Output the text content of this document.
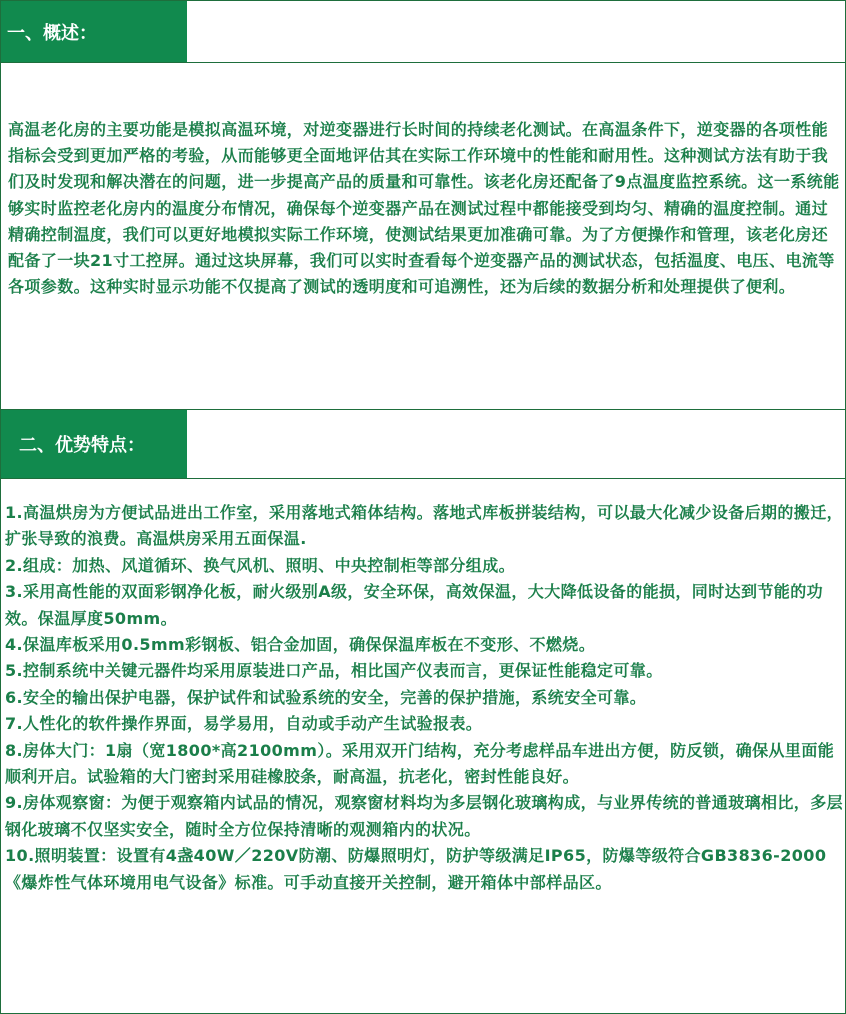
一、概述：

高温老化房的主要功能是模拟高温环境，对逆变器进行长时间的持续老化测试。在高温条件下，逆变器的各项性能指标会受到更加严格的考验，从而能够更全面地评估其在实际工作环境中的性能和耐用性。这种测试方法有助于我们及时发现和解决潜在的问题，进一步提高产品的质量和可靠性。该老化房还配备了9点温度监控系统。这一系统能够实时监控老化房内的温度分布情况，确保每个逆变器产品在测试过程中都能接受到均匀、精确的温度控制。通过精确控制温度，我们可以更好地模拟实际工作环境，使测试结果更加准确可靠。为了方便操作和管理，该老化房还配备了一块21寸工控屏。通过这块屏幕，我们可以实时查看每个逆变器产品的测试状态，包括温度、电压、电流等各项参数。这种实时显示功能不仅提高了测试的透明度和可追溯性，还为后续的数据分析和处理提供了便利。

二、优势特点：
1.高温烘房为方便试品进出工作室，采用落地式箱体结构。落地式库板拼装结构，可以最大化减少设备后期的搬迁，扩张导致的浪费。高温烘房采用五面保温.
2.组成：加热、风道循环、换气风机、照明、中央控制柜等部分组成。
3.采用高性能的双面彩钢净化板，耐火级别A级，安全环保，高效保温，大大降低设备的能损，同时达到节能的功效。保温厚度50mm。
4.保温库板采用0.5mm彩钢板、铝合金加固，确保保温库板在不变形、不燃烧。
5.控制系统中关键元器件均采用原装进口产品，相比国产仪表而言，更保证性能稳定可靠。
6.安全的输出保护电器，保护试件和试验系统的安全，完善的保护措施，系统安全可靠。
7.人性化的软件操作界面，易学易用，自动或手动产生试验报表。
8.房体大门：1扇（宽1800*高2100mm）。采用双开门结构，充分考虑样品车进出方便，防反锁，确保从里面能顺利开启。试验箱的大门密封采用硅橡胶条，耐高温，抗老化，密封性能良好。
9.房体观察窗：为便于观察箱内试品的情况，观察窗材料均为多层钢化玻璃构成，与业界传统的普通玻璃相比，多层钢化玻璃不仅坚实安全，随时全方位保持清晰的观测箱内的状况。
10.照明装置：设置有4盏40W／220V防潮、防爆照明灯，防护等级满足IP65，防爆等级符合GB3836-2000《爆炸性气体环境用电气设备》标准。可手动直接开关控制，避开箱体中部样品区。
